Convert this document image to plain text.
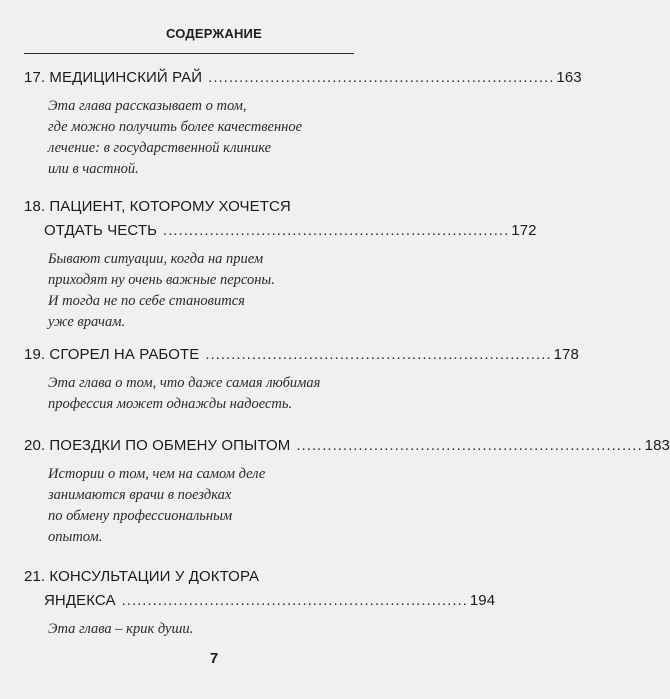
СОДЕРЖАНИЕ
17. МЕДИЦИНСКИЙ РАЙ ................................................................... 163
Эта глава рассказывает о том,
где можно получить более качественное
лечение: в государственной клинике
или в частной.
18. ПАЦИЕНТ, КОТОРОМУ ХОЧЕТСЯ
ОТДАТЬ ЧЕСТЬ ................................................................... 172
Бывают ситуации, когда на прием
приходят ну очень важные персоны.
И тогда не по себе становится
уже врачам.
19. СГОРЕЛ НА РАБОТЕ ................................................................... 178
Эта глава о том, что даже самая любимая
профессия может однажды надоесть.
20. ПОЕЗДКИ ПО ОБМЕНУ ОПЫТОМ ................................................................... 183
Истории о том, чем на самом деле
занимаются врачи в поездках
по обмену профессиональным
опытом.
21. КОНСУЛЬТАЦИИ У ДОКТОРА
ЯНДЕКСА ................................................................... 194
Эта глава – крик души.
7
